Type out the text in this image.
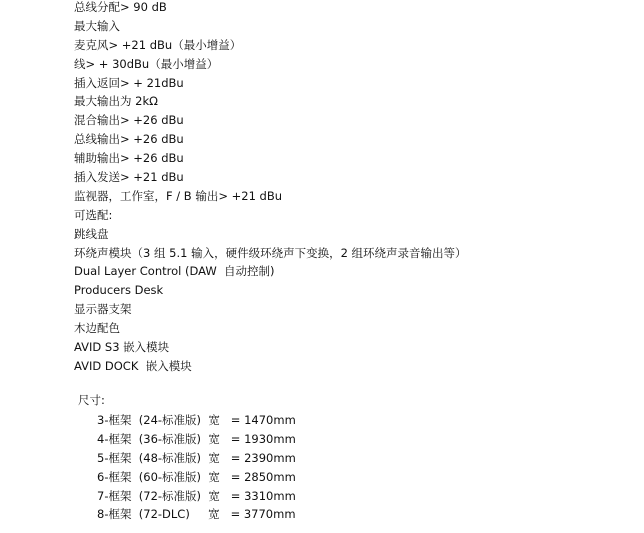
总线分配> 90 dB
最大输入
麦克风> +21 dBu（最小增益）
线> + 30dBu（最小增益）
插入返回> + 21dBu
最大输出为 2kΩ
混合输出> +26 dBu
总线输出> +26 dBu
辅助输出> +26 dBu
插入发送> +21 dBu
监视器，工作室，F / B 输出> +21 dBu
可选配:
跳线盘
环绕声模块（3 组 5.1 输入，硬件级环绕声下变换，2 组环绕声录音输出等）
Dual Layer Control (DAW  自动控制)
Producers Desk
显示器支架
木边配色
AVID S3 嵌入模块
AVID DOCK  嵌入模块
尺寸:
3-框架  (24-标准版)  宽   = 1470mm
4-框架  (36-标准版)  宽   = 1930mm
5-框架  (48-标准版)  宽   = 2390mm
6-框架  (60-标准版)  宽   = 2850mm
7-框架  (72-标准版)  宽   = 3310mm
8-框架  (72-DLC)     宽   = 3770mm
